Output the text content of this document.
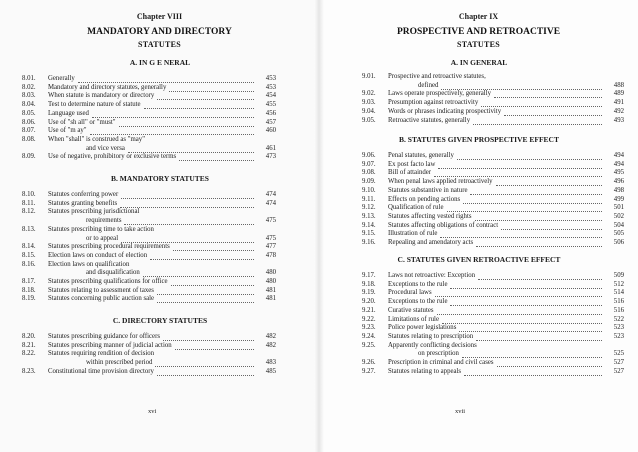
Chapter VIII
MANDATORY AND DIRECTORY
STATUTES
A. IN G E NERAL
8.01. Generally	453
8.02. Mandatory and directory statutes, generally	453
8.03. When statute is mandatory or directory	454
8.04. Test to determine nature of statute	455
8.05. Language used	456
8.06. Use of "sh all" or "must"	457
8.07. Use of "m ay"	460
8.08. When "shall" is construed as "may"
and vice versa	461
8.09. Use of negative, prohibitory or exclusive terms	473
B. MANDATORY STATUTES
8.10. Statutes conferring power	474
8.11. Statutes granting benefits	474
8.12. Statutes prescribing jurisdictional
requirements	475
8.13. Statutes prescribing time to take action
or to appeal	475
8.14. Statutes prescribing procedural requirements	477
8.15. Election laws on conduct of election	478
8.16. Election laws on qualification
and disqualification	480
8.17. Statutes prescribing qualifications for office	480
8.18. Statutes relating to assessment of taxes	481
8.19. Statutes concerning public auction sale	481
C. DIRECTORY STATUTES
8.20. Statutes prescribing guidance for officers	482
8.21. Statutes prescribing manner of judicial action	482
8.22. Statutes requiring rendition of decision
within prescribed period	483
8.23. Constitutional time provision directory	485
xvi
Chapter IX
PROSPECTIVE AND RETROACTIVE
STATUTES
A. IN GENERAL
9.01. Prospective and retroactive statutes,
defined	488
9.02. Laws operate prospectively, generally	489
9.03. Presumption against retroactivity	491
9.04. Words or phrases indicating prospectivity	492
9.05. Retroactive statutes, generally	493
B. STATUTES GIVEN PROSPECTIVE EFFECT
9.06. Penal statutes, generally	494
9.07. Ex post facto law	494
9.08. Bill of attainder	495
9.09. When penal laws applied retroactively	496
9.10. Statutes substantive in nature	498
9.11. Effects on pending actions	499
9.12. Qualification of rule	501
9.13. Statutes affecting vested rights	502
9.14. Statutes affecting obligations of contract	504
9.15. Illustration of rule	505
9.16. Repealing and amendatory acts	506
C. STATUTES GIVEN RETROACTIVE EFFECT
9.17. Laws not retroactive: Exception	509
9.18. Exceptions to the rule	512
9.19. Procedural laws	514
9.20. Exceptions to the rule	516
9.21. Curative statutes	516
9.22. Limitations of rule	522
9.23. Police power legislations	523
9.24. Statutes relating to prescription	523
9.25. Apparently conflicting decisions
on prescription	525
9.26. Prescription in criminal and civil cases	527
9.27. Statutes relating to appeals	527
xvii
